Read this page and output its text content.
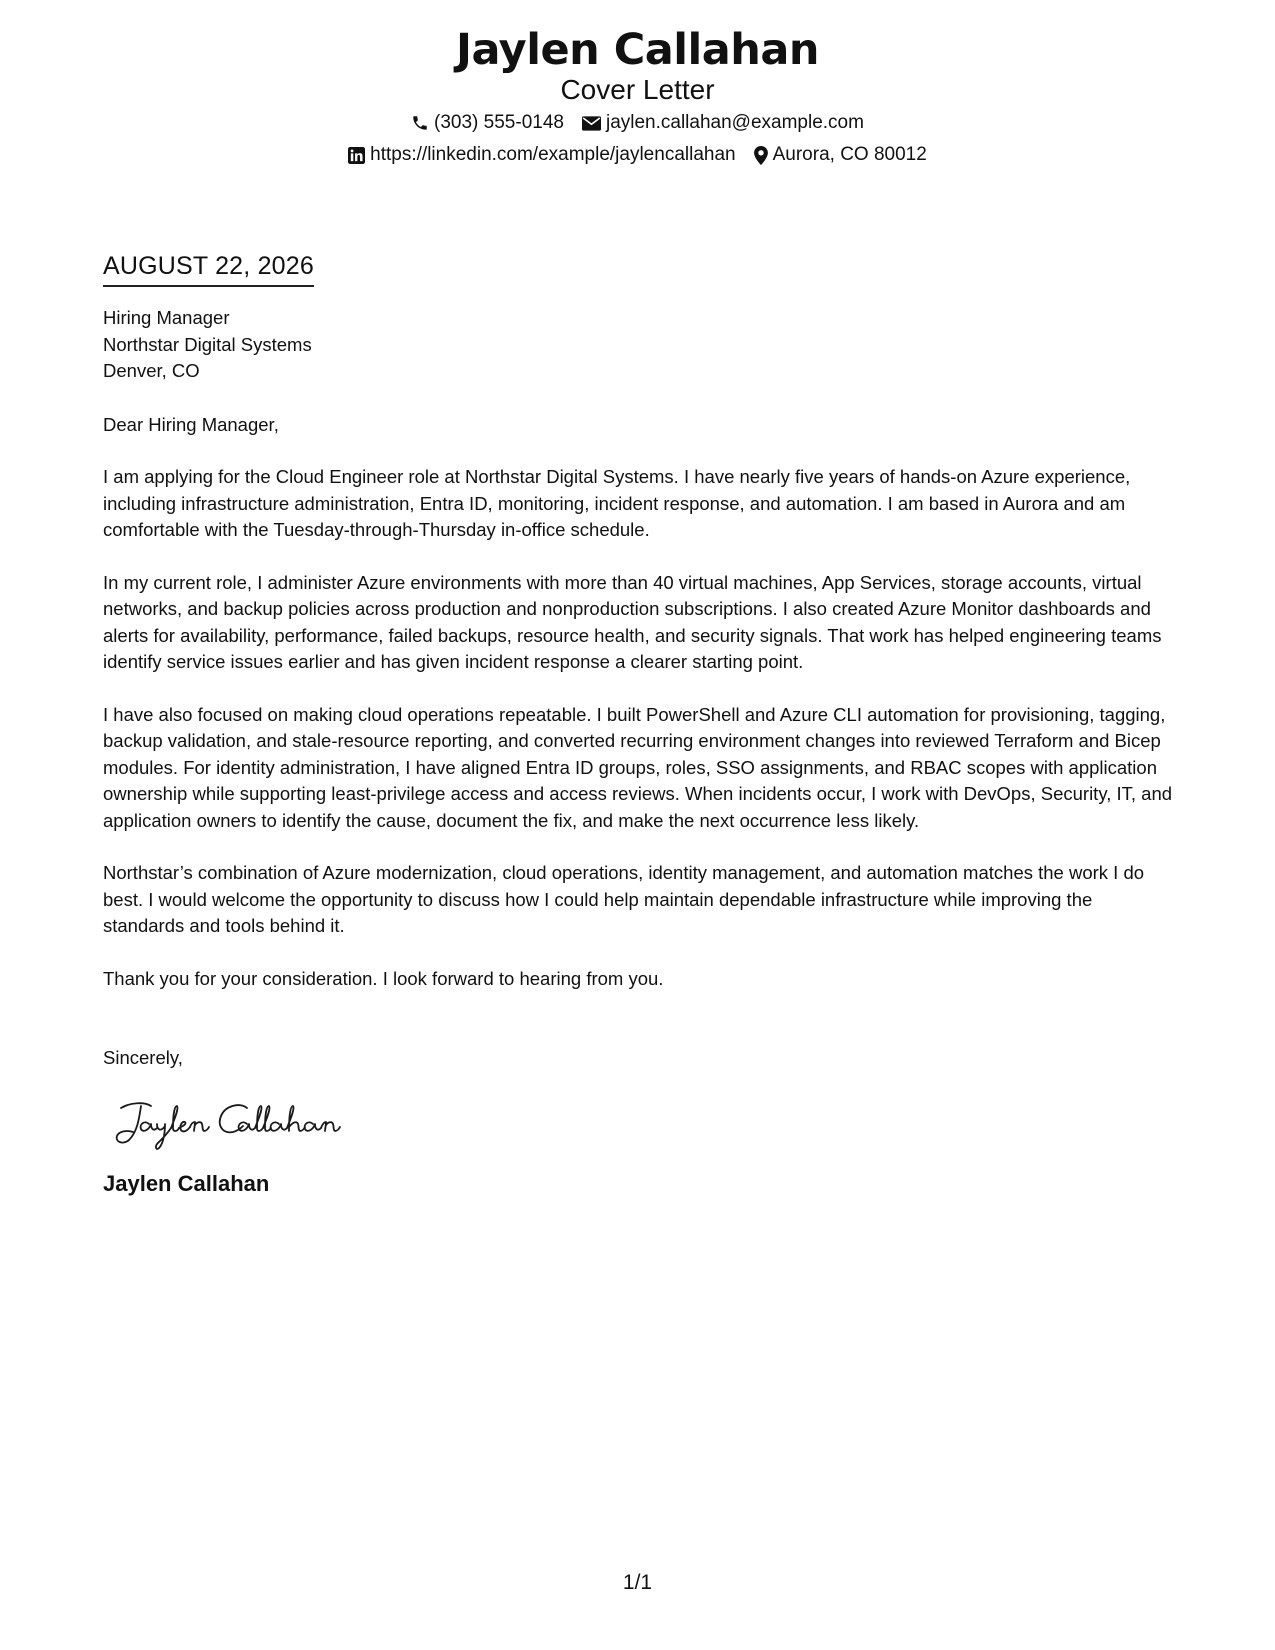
Jaylen Callahan
Cover Letter
(303) 555-0148 jaylen.callahan@example.com
https://linkedin.com/example/jaylencallahan Aurora, CO 80012
AUGUST 22, 2026
Hiring Manager
Northstar Digital Systems
Denver, CO

Dear Hiring Manager,

I am applying for the Cloud Engineer role at Northstar Digital Systems. I have nearly five years of hands-on Azure experience, including infrastructure administration, Entra ID, monitoring, incident response, and automation. I am based in Aurora and am comfortable with the Tuesday-through-Thursday in-office schedule.

In my current role, I administer Azure environments with more than 40 virtual machines, App Services, storage accounts, virtual networks, and backup policies across production and nonproduction subscriptions. I also created Azure Monitor dashboards and alerts for availability, performance, failed backups, resource health, and security signals. That work has helped engineering teams identify service issues earlier and has given incident response a clearer starting point.

I have also focused on making cloud operations repeatable. I built PowerShell and Azure CLI automation for provisioning, tagging, backup validation, and stale-resource reporting, and converted recurring environment changes into reviewed Terraform and Bicep modules. For identity administration, I have aligned Entra ID groups, roles, SSO assignments, and RBAC scopes with application ownership while supporting least-privilege access and access reviews. When incidents occur, I work with DevOps, Security, IT, and application owners to identify the cause, document the fix, and make the next occurrence less likely.

Northstar’s combination of Azure modernization, cloud operations, identity management, and automation matches the work I do best. I would welcome the opportunity to discuss how I could help maintain dependable infrastructure while improving the standards and tools behind it.

Thank you for your consideration. I look forward to hearing from you.

Sincerely,
Jaylen Callahan
1/1
